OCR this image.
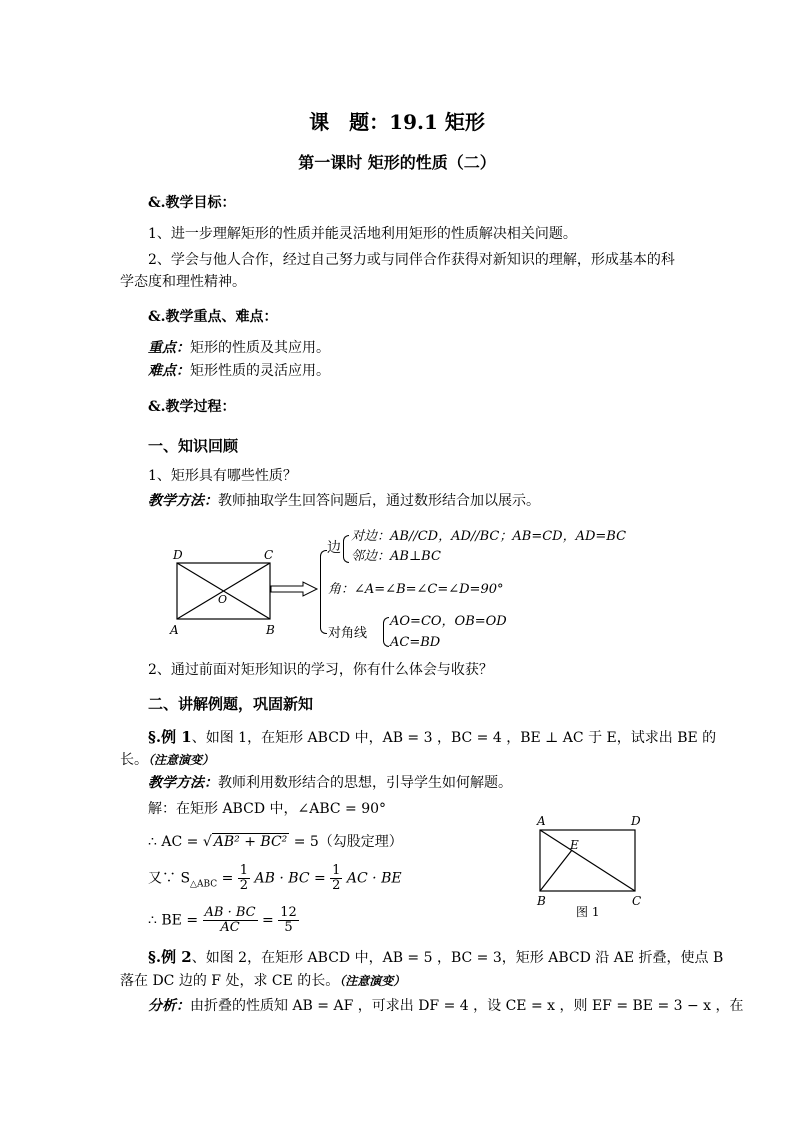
课　题：19.1 矩形
第一课时 矩形的性质（二）
&.教学目标：
1、进一步理解矩形的性质并能灵活地利用矩形的性质解决相关问题。
2、学会与他人合作，经过自己努力或与同伴合作获得对新知识的理解，形成基本的科
学态度和理性精神。
&.教学重点、难点：
重点：矩形的性质及其应用。
难点：矩形性质的灵活应用。
&.教学过程：
一、知识回顾
1、矩形具有哪些性质？
教学方法：教师抽取学生回答问题后，通过数形结合加以展示。
D	C
A	B
O
边
对边：AB//CD，AD//BC；AB=CD，AD=BC
邻边：AB⊥BC
角：∠A=∠B=∠C=∠D=90°
对角线
AO=CO，OB=OD
AC=BD
2、通过前面对矩形知识的学习，你有什么体会与收获？
二、讲解例题，巩固新知
§.例 1、如图 1，在矩形 ABCD 中，AB = 3 ，BC = 4 ，BE ⊥ AC 于 E，试求出 BE 的
长。（注意演变）
教学方法：教师利用数形结合的思想，引导学生如何解题。
解：在矩形 ABCD 中，∠ABC = 90°
∴ AC = √ AB² + BC² = 5（勾股定理）
又∵ $S_{\triangle ABC} = \frac{1}{2}$ AB · BC = $\frac{1}{2}$ AC · BE
∴ BE = $\frac{AB \cdot BC}{AC} = \frac{12}{5}$
A	D
E
B	C
图 1
§.例 2、如图 2，在矩形 ABCD 中，AB = 5 ，BC = 3，矩形 ABCD 沿 AE 折叠，使点 B
落在 DC 边的 F 处，求 CE 的长。（注意演变）
分析：由折叠的性质知 AB = AF ，可求出 DF = 4 ，设 CE = x ，则 EF = BE = 3 − x ，在
